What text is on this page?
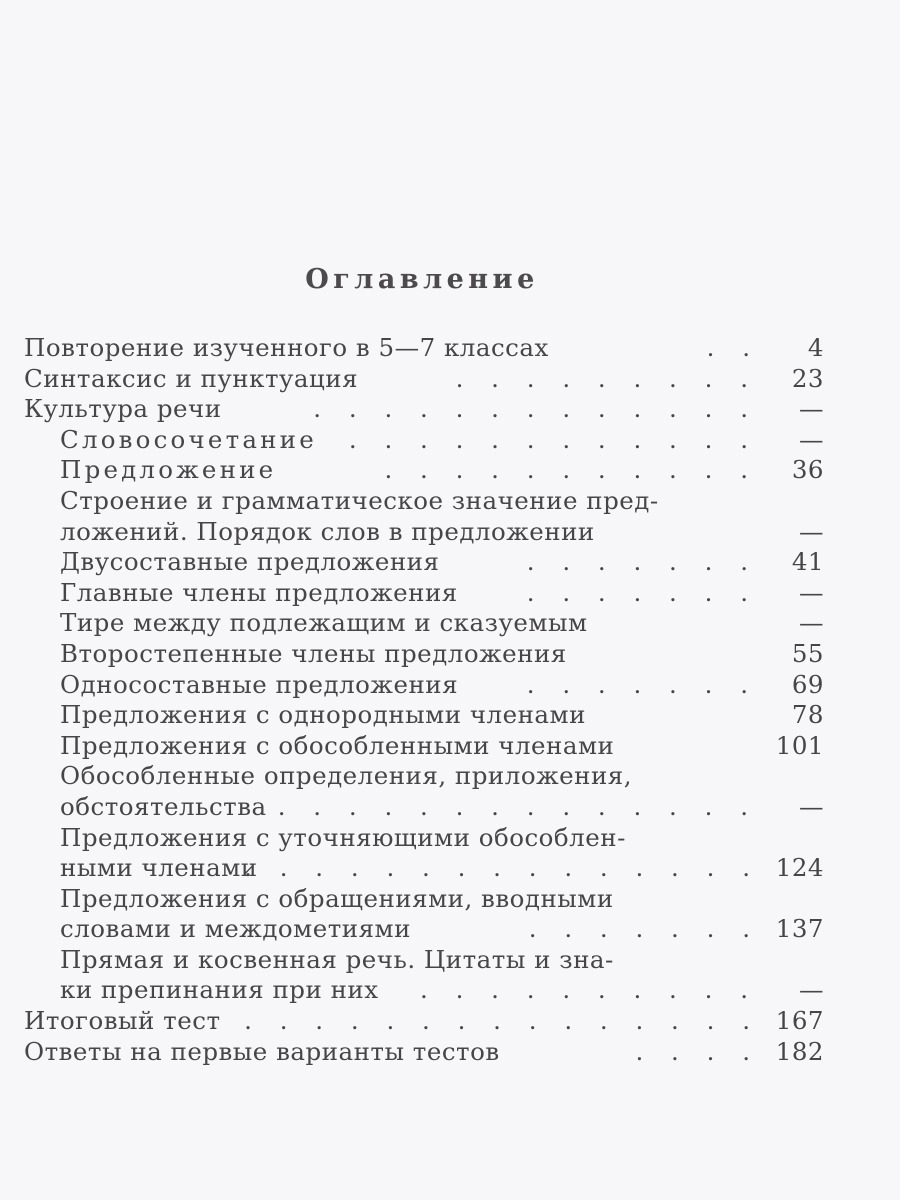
Оглавление
Повторение изученного в 5—7 классах	. . 4
Синтаксис и пунктуация	. . . . . . . . . 23
Культура речи	. . . . . . . . . . . . . —
Словосочетание . . . . . . . . . . . . —
Предложение	. . . . . . . . . . . 36
Строение и грамматическое значение пред-
ложений. Порядок слов в предложении	—
Двусоставные предложения	. . . . . . . 41
Главные члены предложения	. . . . . . . —
Тире между подлежащим и сказуемым	—
Второстепенные члены предложения	55
Односоставные предложения	. . . . . . . 69
Предложения с однородными членами	78
Предложения с обособленными членами	101
Обособленные определения, приложения,
обстоятельства . . . . . . . . . . . . . . —
Предложения с уточняющими обособлен-
ными членами
. . . . . . . . . . . . . . . 124
Предложения с обращениями, вводными
словами и междометиями	. . . . . . . 137
Прямая и косвенная речь. Цитаты и зна-
ки препинания при них . . . . . . . . . . —
Итоговый тест . . . . . . . . . . . . . . . 167
Ответы на первые варианты тестов	. . . . 182
